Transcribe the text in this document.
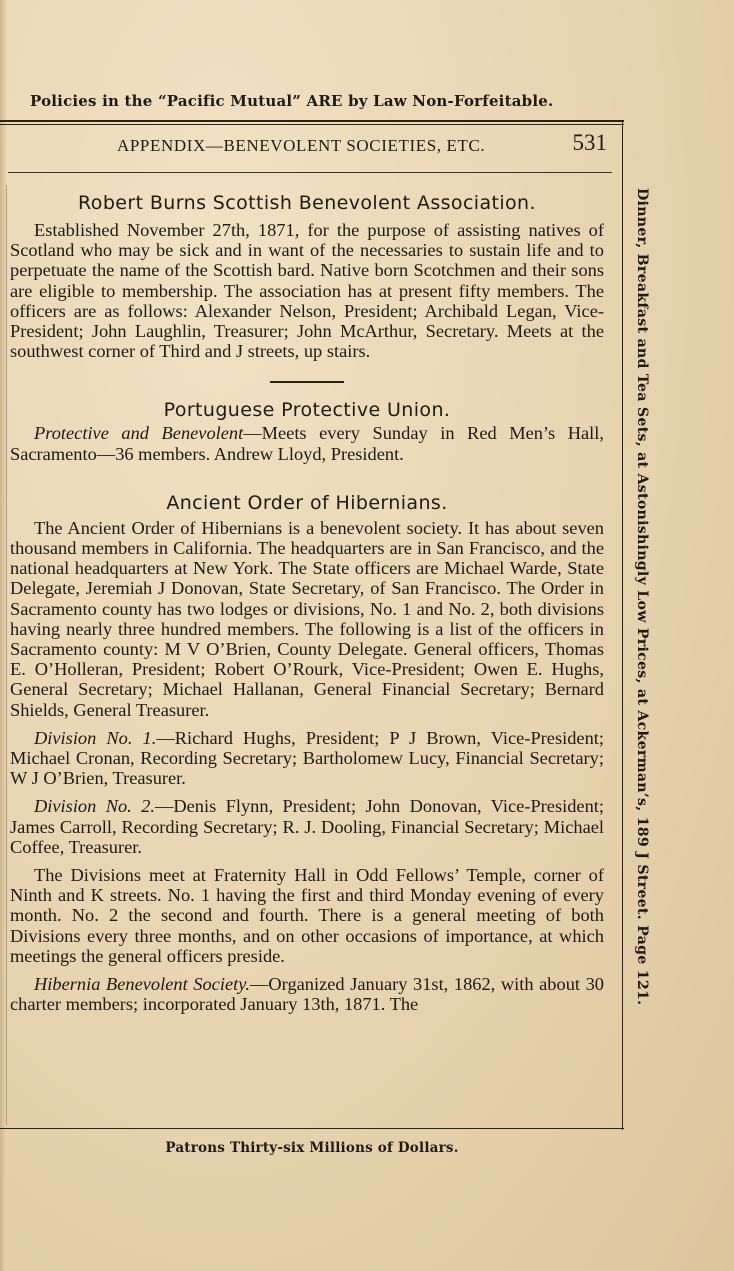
Policies in the “Pacific Mutual” ARE by Law Non-Forfeitable.
APPENDIX—BENEVOLENT SOCIETIES, ETC.	531
Dinner, Breakfast and Tea Sets, at Astonishingly Low Prices, at Ackerman’s, 189 J Street. Page 121.
Robert Burns Scottish Benevolent Association.

Established November 27th, 1871, for the purpose of assisting natives of Scotland who may be sick and in want of the necessaries to sustain life and to perpetuate the name of the Scottish bard. Native born Scotchmen and their sons are eligible to membership. The association has at present fifty members. The officers are as follows: Alexander Nelson, President; Archibald Legan, Vice-President; John Laughlin, Treasurer; John McArthur, Secretary. Meets at the southwest corner of Third and J streets, up stairs.

Portuguese Protective Union.

Protective and Benevolent—Meets every Sunday in Red Men’s Hall, Sacramento—36 members. Andrew Lloyd, President.

Ancient Order of Hibernians.

The Ancient Order of Hibernians is a benevolent society. It has about seven thousand members in California. The headquarters are in San Francisco, and the national headquarters at New York. The State officers are Michael Warde, State Delegate, Jeremiah J Donovan, State Secretary, of San Francisco. The Order in Sacramento county has two lodges or divisions, No. 1 and No. 2, both divisions having nearly three hundred members. The following is a list of the officers in Sacramento county: M V O’Brien, County Delegate. General officers, Thomas E. O’Holleran, President; Robert O’Rourk, Vice-President; Owen E. Hughs, General Secretary; Michael Hallanan, General Financial Secretary; Bernard Shields, General Treasurer.

Division No. 1.—Richard Hughs, President; P J Brown, Vice-President; Michael Cronan, Recording Secretary; Bartholomew Lucy, Financial Secretary; W J O’Brien, Treasurer.

Division No. 2.—Denis Flynn, President; John Donovan, Vice-President; James Carroll, Recording Secretary; R. J. Dooling, Financial Secretary; Michael Coffee, Treasurer.

The Divisions meet at Fraternity Hall in Odd Fellows’ Temple, corner of Ninth and K streets. No. 1 having the first and third Monday evening of every month. No. 2 the second and fourth. There is a general meeting of both Divisions every three months, and on other occasions of importance, at which meetings the general officers preside.

Hibernia Benevolent Society.—Organized January 31st, 1862, with about 30 charter members; incorporated January 13th, 1871. The

Patrons Thirty-six Millions of Dollars.
